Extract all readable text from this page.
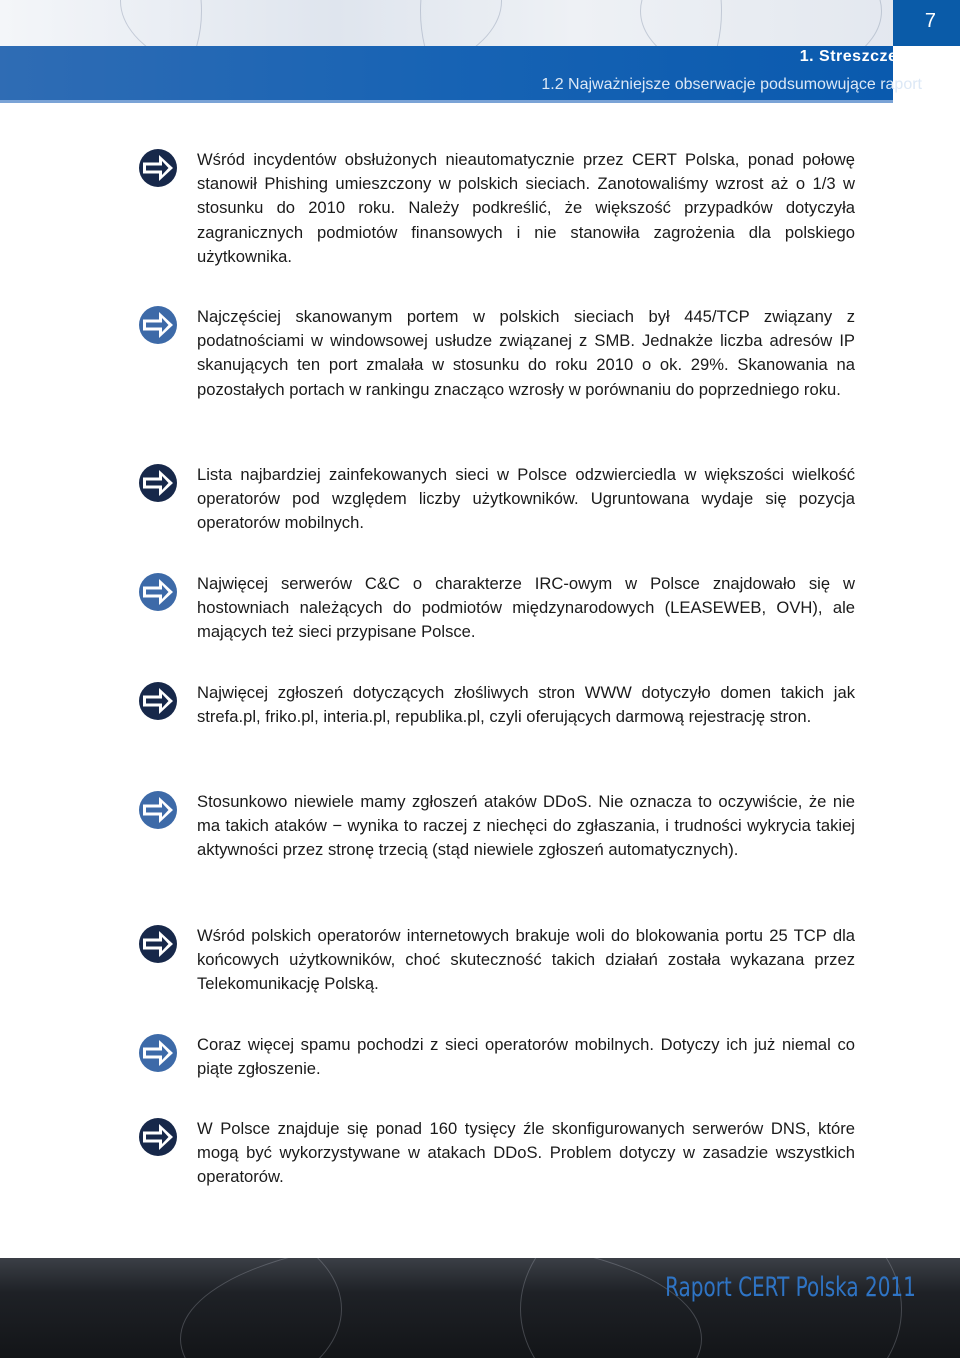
7
1. Streszczenie
1.2 Najważniejsze obserwacje podsumowujące raport

Wśród incydentów obsłużonych nieautomatycznie przez CERT Polska, ponad połowę stanowił Phishing umieszczony w polskich sieciach. Zanotowaliśmy wzrost aż o 1/3 w stosunku do 2010 roku. Należy podkreślić, że większość przypadków dotyczyła zagranicznych podmiotów finansowych i nie stanowiła zagrożenia dla polskiego użytkownika.

Najczęściej skanowanym portem w polskich sieciach był 445/TCP związany z podatnościami w windowsowej usłudze związanej z SMB. Jednakże liczba adresów IP skanujących ten port zmalała w stosunku do roku 2010 o ok. 29%. Skanowania na pozostałych portach w rankingu znacząco wzrosły w porównaniu do poprzedniego roku.

Lista najbardziej zainfekowanych sieci w Polsce odzwierciedla w większości wielkość operatorów pod względem liczby użytkowników. Ugruntowana wydaje się pozycja operatorów mobilnych.

Najwięcej serwerów C&C o charakterze IRC-owym w Polsce znajdowało się w hostowniach należących do podmiotów międzynarodowych (LEASEWEB, OVH), ale mających też sieci przypisane Polsce.

Najwięcej zgłoszeń dotyczących złośliwych stron WWW dotyczyło domen takich jak strefa.pl, friko.pl, interia.pl, republika.pl, czyli oferujących darmową rejestrację stron.

Stosunkowo niewiele mamy zgłoszeń ataków DDoS. Nie oznacza to oczywiście, że nie ma takich ataków − wynika to raczej z niechęci do zgłaszania, i trudności wykrycia takiej aktywności przez stronę trzecią (stąd niewiele zgłoszeń automatycznych).

Wśród polskich operatorów internetowych brakuje woli do blokowania portu 25 TCP dla końcowych użytkowników, choć skuteczność takich działań została wykazana przez Telekomunikację Polską.

Coraz więcej spamu pochodzi z sieci operatorów mobilnych. Dotyczy ich już niemal co piąte zgłoszenie.

W Polsce znajduje się ponad 160 tysięcy źle skonfigurowanych serwerów DNS, które mogą być wykorzystywane w atakach DDoS. Problem dotyczy w zasadzie wszystkich operatorów.

Raport CERT Polska 2011
